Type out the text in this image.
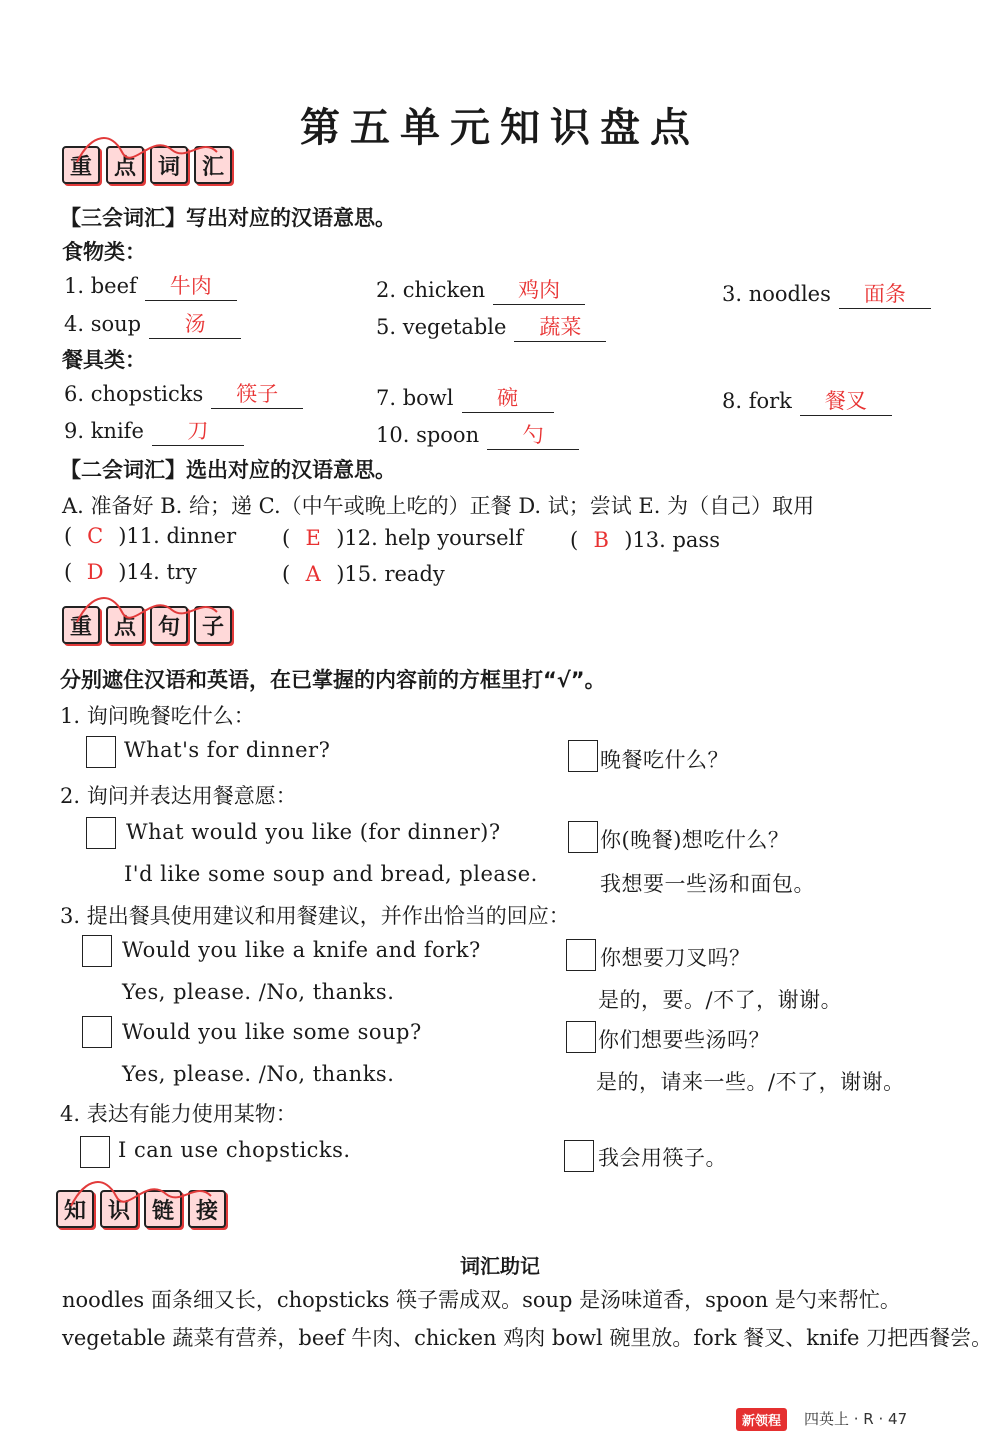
第五单元知识盘点
重 点 词 汇
【三会词汇】写出对应的汉语意思。
食物类：
1. beef 牛肉	2. chicken 鸡肉	3. noodles 面条
4. soup 汤	5. vegetable 蔬菜
餐具类：
6. chopsticks 筷子	7. bowl 碗	8. fork 餐叉
9. knife 刀	10. spoon 勺
【二会词汇】选出对应的汉语意思。
A. 准备好 B. 给；递 C.（中午或晚上吃的）正餐 D. 试；尝试 E. 为（自己）取用
( C )11. dinner ( E )12. help yourself ( B )13. pass
( D )14. try	( A )15. ready
重 点 句 子
分别遮住汉语和英语，在已掌握的内容前的方框里打“√”。
1. 询问晚餐吃什么：
What's for dinner?	晚餐吃什么？
2. 询问并表达用餐意愿：
What would you like (for dinner)?	你(晚餐)想吃什么？
I'd like some soup and bread, please.	我想要一些汤和面包。
3. 提出餐具使用建议和用餐建议，并作出恰当的回应：
Would you like a knife and fork?	你想要刀叉吗？
Yes, please. /No, thanks.	是的，要。/不了，谢谢。
Would you like some soup?	你们想要些汤吗？
Yes, please. /No, thanks.	是的，请来一些。/不了，谢谢。
4. 表达有能力使用某物：
I can use chopsticks.	我会用筷子。
知 识 链 接
词汇助记
noodles 面条细又长，chopsticks 筷子需成双。soup 是汤味道香，spoon 是勺来帮忙。
vegetable 蔬菜有营养，beef 牛肉、chicken 鸡肉 bowl 碗里放。fork 餐叉、knife 刀把西餐尝。
新领程	四英上 · R · 47
